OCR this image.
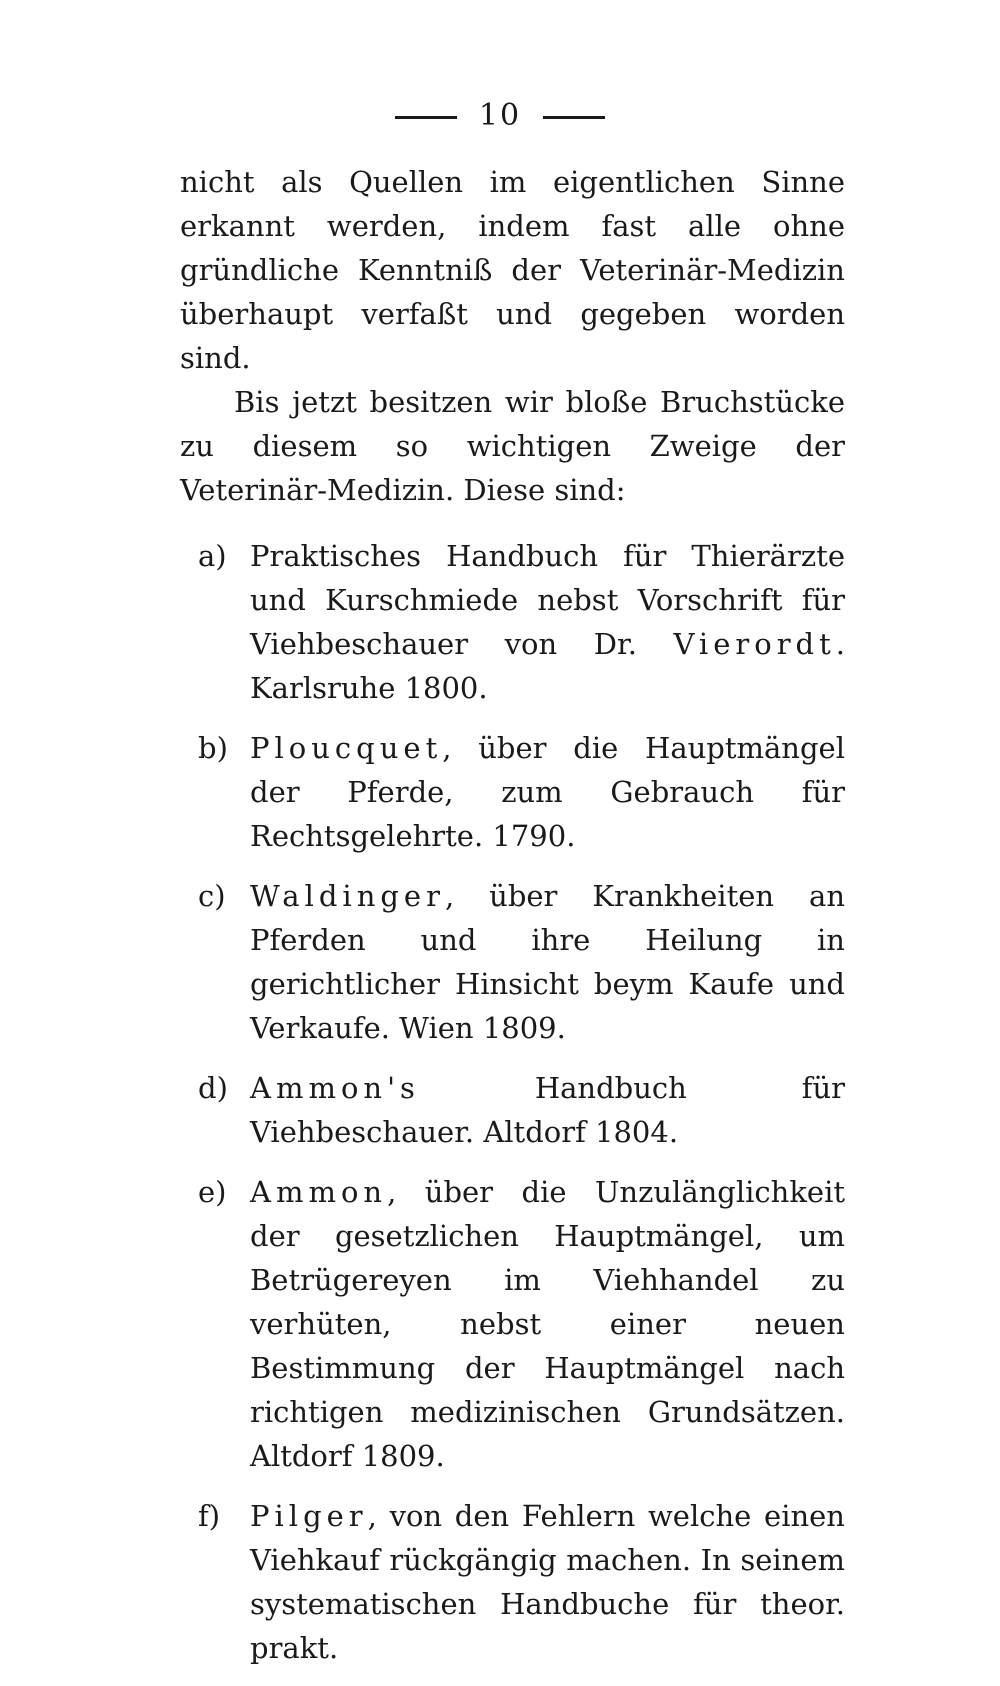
10

nicht als Quellen im eigentlichen Sinne erkannt werden, indem fast alle ohne gründliche Kenntniß der Veterinär-Medizin überhaupt verfaßt und gegeben worden sind.

Bis jetzt besitzen wir bloße Bruchstücke zu diesem so wichtigen Zweige der Veterinär-Medizin. Diese sind:

a) Praktisches Handbuch für Thierärzte und Kurschmiede nebst Vorschrift für Viehbeschauer von Dr. Vierordt. Karlsruhe 1800.
b) Ploucquet, über die Hauptmängel der Pferde, zum Gebrauch für Rechtsgelehrte. 1790.
c) Waldinger, über Krankheiten an Pferden und ihre Heilung in gerichtlicher Hinsicht beym Kaufe und Verkaufe. Wien 1809.
d) Ammon's Handbuch für Viehbeschauer. Altdorf 1804.
e) Ammon, über die Unzulänglichkeit der gesetzlichen Hauptmängel, um Betrügereyen im Viehhandel zu verhüten, nebst einer neuen Bestimmung der Hauptmängel nach richtigen medizinischen Grundsätzen. Altdorf 1809.
f) Pilger, von den Fehlern welche einen Viehkauf rückgängig machen. In seinem systematischen Handbuche für theor. prakt.
